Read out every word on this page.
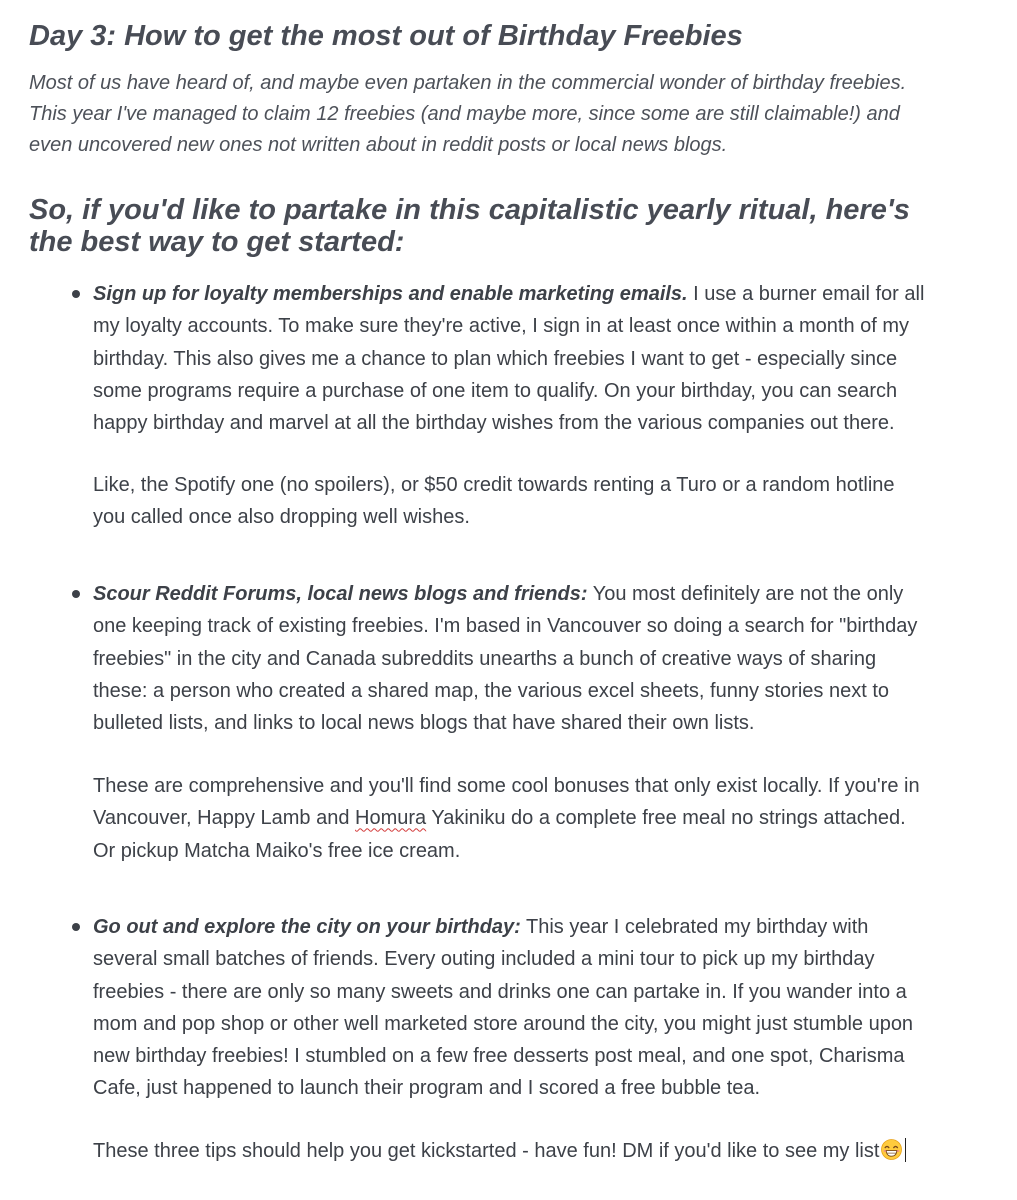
Day 3: How to get the most out of Birthday Freebies

Most of us have heard of, and maybe even partaken in the commercial wonder of birthday freebies.
This year I've managed to claim 12 freebies (and maybe more, since some are still claimable!) and
even uncovered new ones not written about in reddit posts or local news blogs.

So, if you'd like to partake in this capitalistic yearly ritual, here's
the best way to get started:

Sign up for loyalty memberships and enable marketing emails. I use a burner email for all
my loyalty accounts. To make sure they're active, I sign in at least once within a month of my
birthday. This also gives me a chance to plan which freebies I want to get - especially since
some programs require a purchase of one item to qualify. On your birthday, you can search
happy birthday and marvel at all the birthday wishes from the various companies out there.

Like, the Spotify one (no spoilers), or $50 credit towards renting a Turo or a random hotline
you called once also dropping well wishes.

Scour Reddit Forums, local news blogs and friends: You most definitely are not the only
one keeping track of existing freebies. I'm based in Vancouver so doing a search for "birthday
freebies" in the city and Canada subreddits unearths a bunch of creative ways of sharing
these: a person who created a shared map, the various excel sheets, funny stories next to
bulleted lists, and links to local news blogs that have shared their own lists.

These are comprehensive and you'll find some cool bonuses that only exist locally. If you're in
Vancouver, Happy Lamb and Homura Yakiniku do a complete free meal no strings attached.
Or pickup Matcha Maiko's free ice cream.

Go out and explore the city on your birthday: This year I celebrated my birthday with
several small batches of friends. Every outing included a mini tour to pick up my birthday
freebies - there are only so many sweets and drinks one can partake in. If you wander into a
mom and pop shop or other well marketed store around the city, you might just stumble upon
new birthday freebies! I stumbled on a few free desserts post meal, and one spot, Charisma
Cafe, just happened to launch their program and I scored a free bubble tea.

These three tips should help you get kickstarted - have fun! DM if you'd like to see my list
